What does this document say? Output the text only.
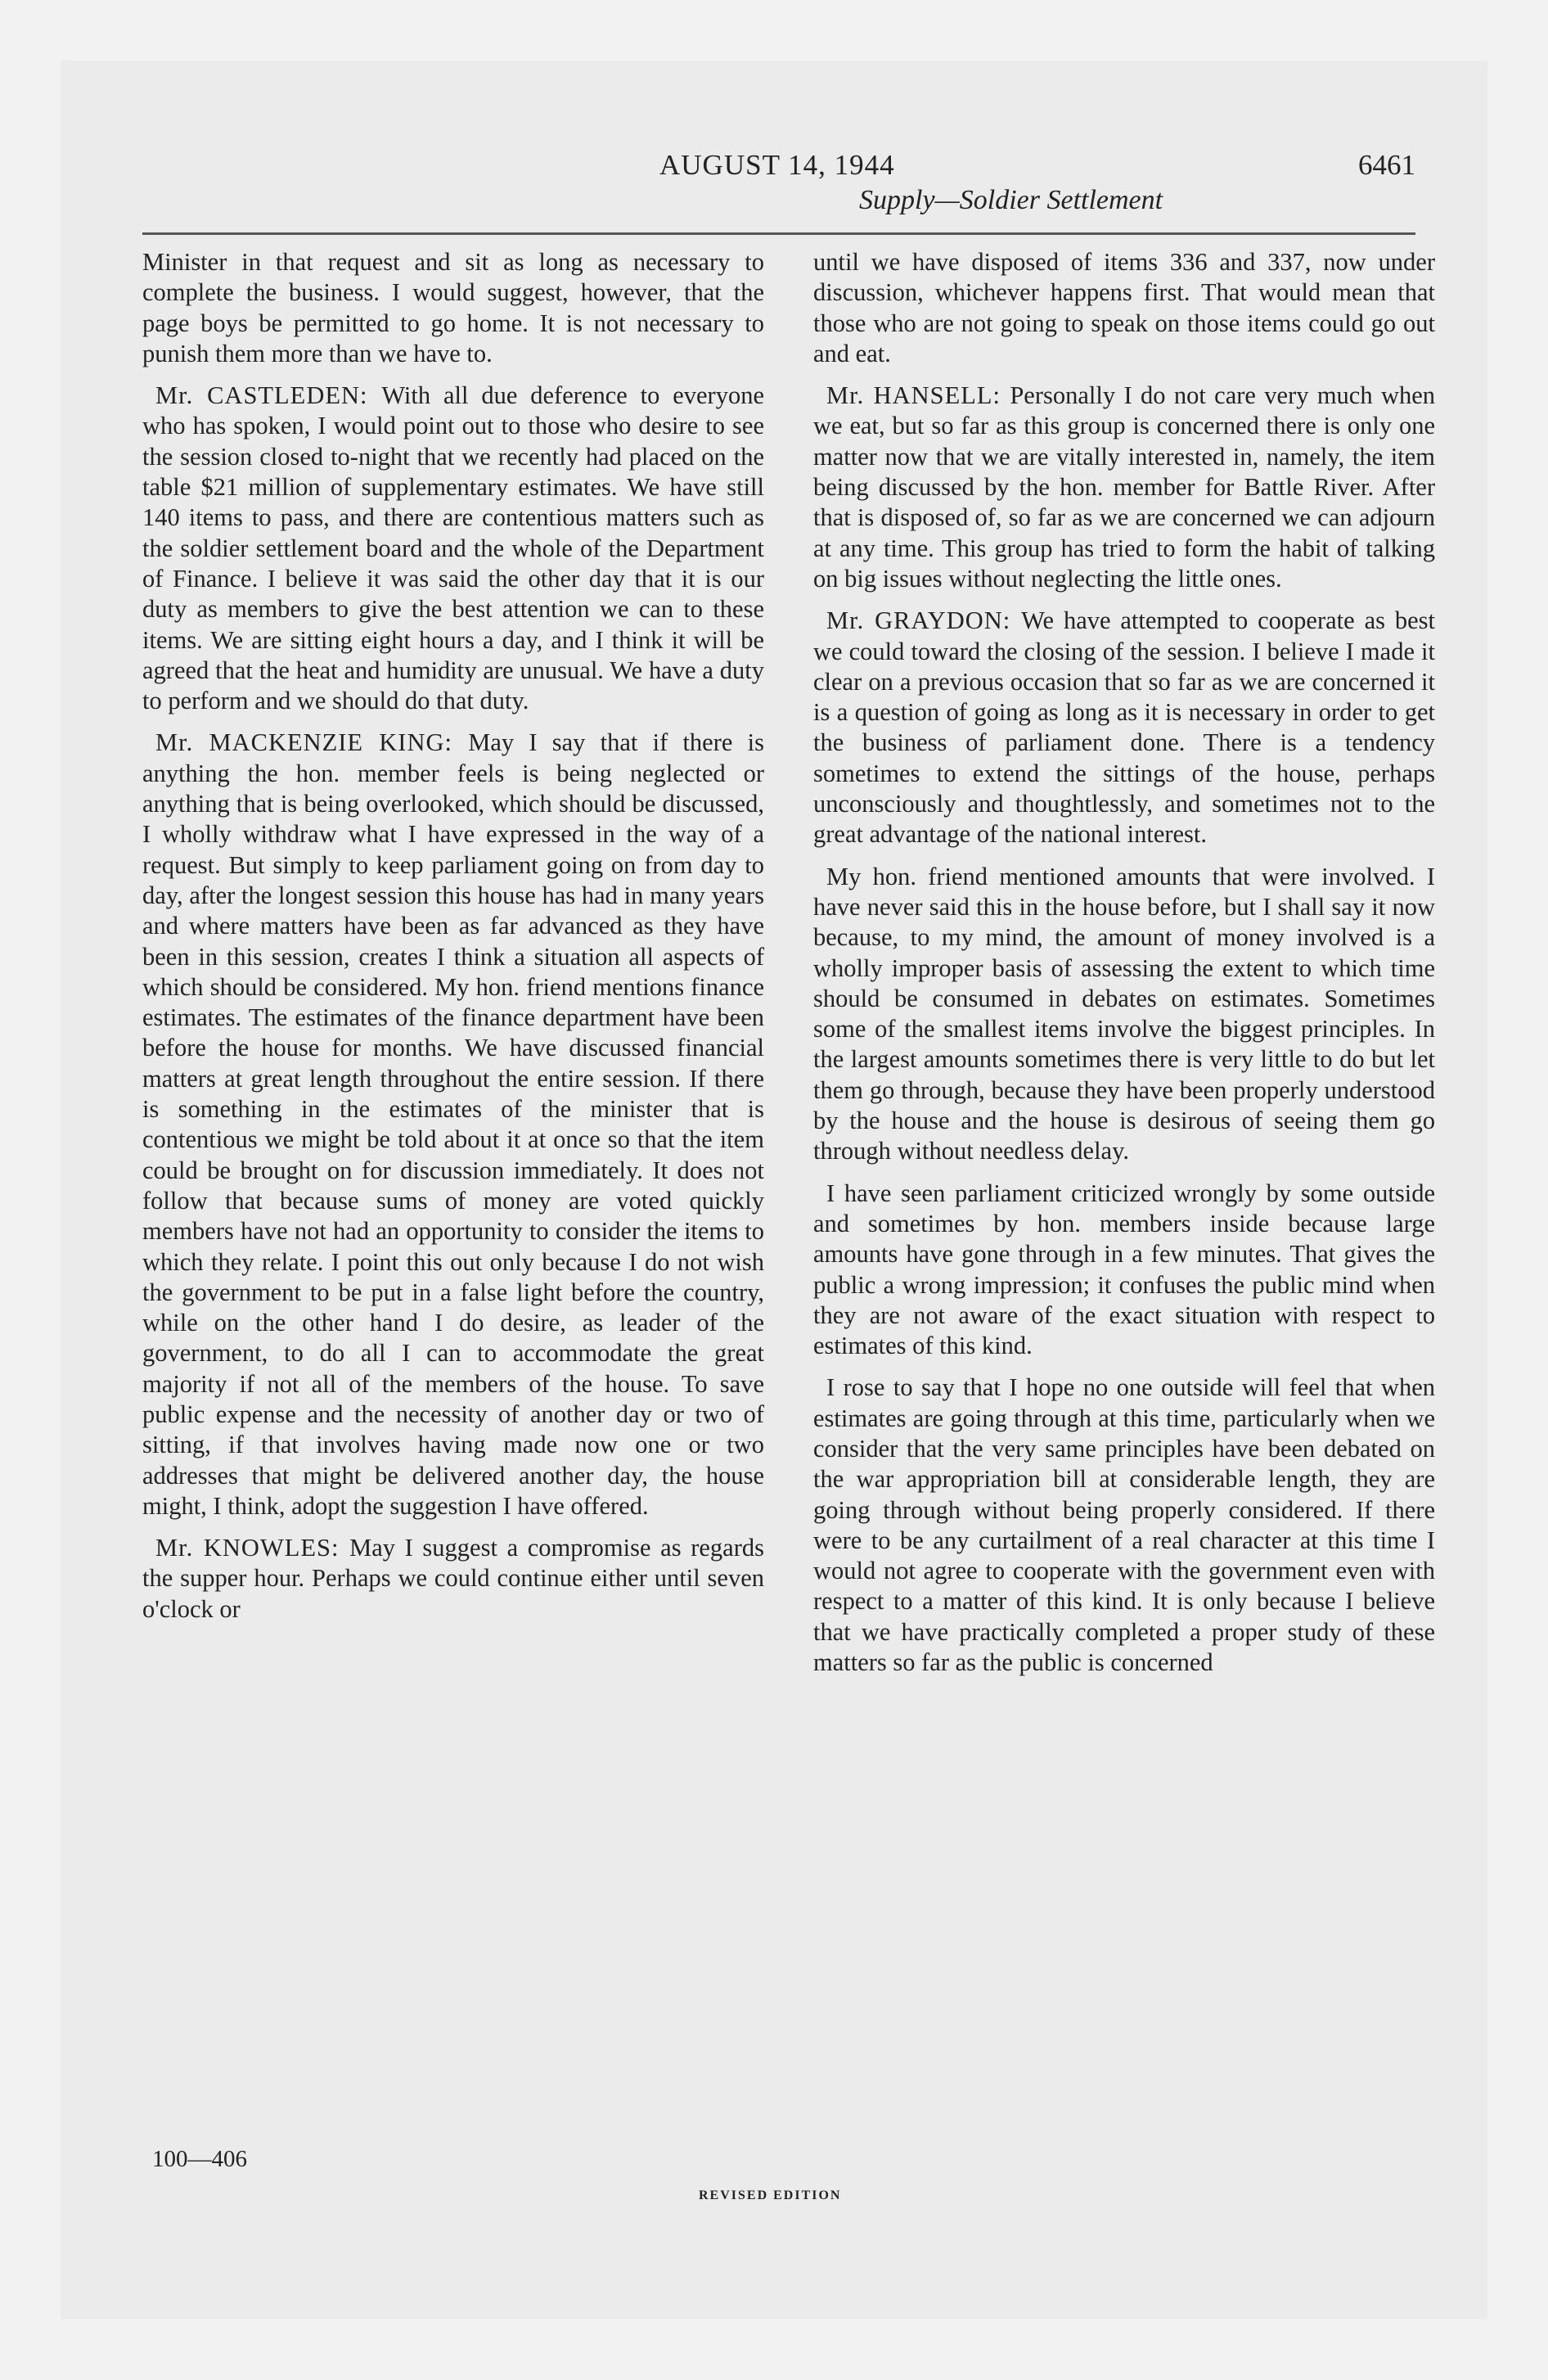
AUGUST 14, 1944	6461
Supply—Soldier Settlement

Minister in that request and sit as long as necessary to complete the business. I would suggest, however, that the page boys be permitted to go home. It is not necessary to punish them more than we have to.

Mr. CASTLEDEN: With all due deference to everyone who has spoken, I would point out to those who desire to see the session closed to-night that we recently had placed on the table $21 million of supplementary estimates. We have still 140 items to pass, and there are contentious matters such as the soldier settlement board and the whole of the Department of Finance. I believe it was said the other day that it is our duty as members to give the best attention we can to these items. We are sitting eight hours a day, and I think it will be agreed that the heat and humidity are unusual. We have a duty to perform and we should do that duty.

Mr. MACKENZIE KING: May I say that if there is anything the hon. member feels is being neglected or anything that is being overlooked, which should be discussed, I wholly withdraw what I have expressed in the way of a request. But simply to keep parliament going on from day to day, after the longest session this house has had in many years and where matters have been as far advanced as they have been in this session, creates I think a situation all aspects of which should be considered. My hon. friend mentions finance estimates. The estimates of the finance department have been before the house for months. We have discussed financial matters at great length throughout the entire session. If there is something in the estimates of the minister that is contentious we might be told about it at once so that the item could be brought on for discussion immediately. It does not follow that because sums of money are voted quickly members have not had an opportunity to consider the items to which they relate. I point this out only because I do not wish the government to be put in a false light before the country, while on the other hand I do desire, as leader of the government, to do all I can to accommodate the great majority if not all of the members of the house. To save public expense and the necessity of another day or two of sitting, if that involves having made now one or two addresses that might be delivered another day, the house might, I think, adopt the suggestion I have offered.

Mr. KNOWLES: May I suggest a compromise as regards the supper hour. Perhaps we could continue either until seven o'clock or

until we have disposed of items 336 and 337, now under discussion, whichever happens first. That would mean that those who are not going to speak on those items could go out and eat.

Mr. HANSELL: Personally I do not care very much when we eat, but so far as this group is concerned there is only one matter now that we are vitally interested in, namely, the item being discussed by the hon. member for Battle River. After that is disposed of, so far as we are concerned we can adjourn at any time. This group has tried to form the habit of talking on big issues without neglecting the little ones.

Mr. GRAYDON: We have attempted to cooperate as best we could toward the closing of the session. I believe I made it clear on a previous occasion that so far as we are concerned it is a question of going as long as it is necessary in order to get the business of parliament done. There is a tendency sometimes to extend the sittings of the house, perhaps unconsciously and thoughtlessly, and sometimes not to the great advantage of the national interest.

My hon. friend mentioned amounts that were involved. I have never said this in the house before, but I shall say it now because, to my mind, the amount of money involved is a wholly improper basis of assessing the extent to which time should be consumed in debates on estimates. Sometimes some of the smallest items involve the biggest principles. In the largest amounts sometimes there is very little to do but let them go through, because they have been properly understood by the house and the house is desirous of seeing them go through without needless delay.

I have seen parliament criticized wrongly by some outside and sometimes by hon. members inside because large amounts have gone through in a few minutes. That gives the public a wrong impression; it confuses the public mind when they are not aware of the exact situation with respect to estimates of this kind.

I rose to say that I hope no one outside will feel that when estimates are going through at this time, particularly when we consider that the very same principles have been debated on the war appropriation bill at considerable length, they are going through without being properly considered. If there were to be any curtailment of a real character at this time I would not agree to cooperate with the government even with respect to a matter of this kind. It is only because I believe that we have practically completed a proper study of these matters so far as the public is concerned

100—406
REVISED EDITION
